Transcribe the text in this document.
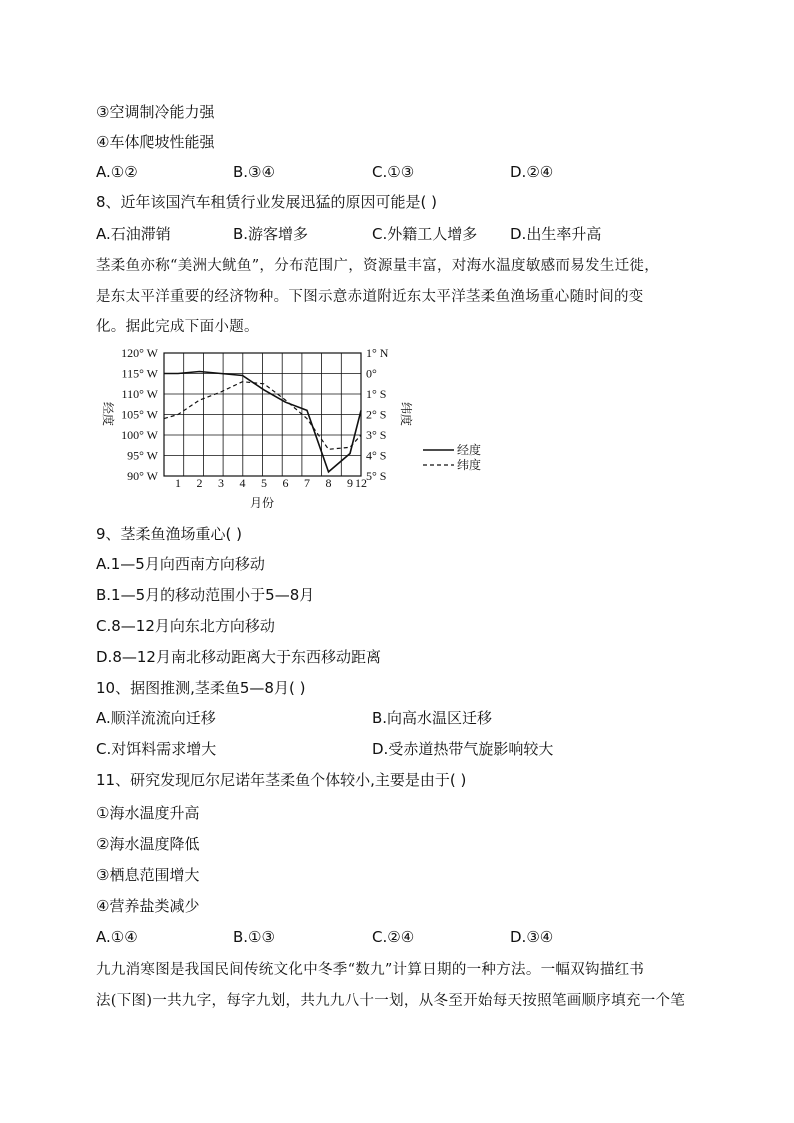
③空调制冷能力强
④车体爬坡性能强
A.①②	B.③④	C.①③	D.②④
8、近年该国汽车租赁行业发展迅猛的原因可能是( )
A.石油滞销	B.游客增多	C.外籍工人增多 D.出生率升高
茎柔鱼亦称“美洲大鱿鱼”，分布范围广，资源量丰富，对海水温度敏感而易发生迁徙，
是东太平洋重要的经济物种。下图示意赤道附近东太平洋茎柔鱼渔场重心随时间的变
化。据此完成下面小题。
120° W
115° W
110° W
105° W
100° W
95° W
90° W
1° N
0°
1° S
2° S
3° S
4° S
5° S
1 2 3 4 5 6 7 8 9 12
经度	纬度
月份
经度
纬度
9、茎柔鱼渔场重心( )
A.1—5月向西南方向移动
B.1—5月的移动范围小于5—8月
C.8—12月向东北方向移动
D.8—12月南北移动距离大于东西移动距离
10、据图推测,茎柔鱼5—8月( )
A.顺洋流流向迁移	B.向高水温区迁移
C.对饵料需求增大	D.受赤道热带气旋影响较大
11、研究发现厄尔尼诺年茎柔鱼个体较小,主要是由于( )
①海水温度升高
②海水温度降低
③栖息范围增大
④营养盐类减少
A.①④	B.①③	C.②④	D.③④
九九消寒图是我国民间传统文化中冬季“数九”计算日期的一种方法。一幅双钩描红书
法(下图)一共九字，每字九划，共九九八十一划，从冬至开始每天按照笔画顺序填充一个笔
